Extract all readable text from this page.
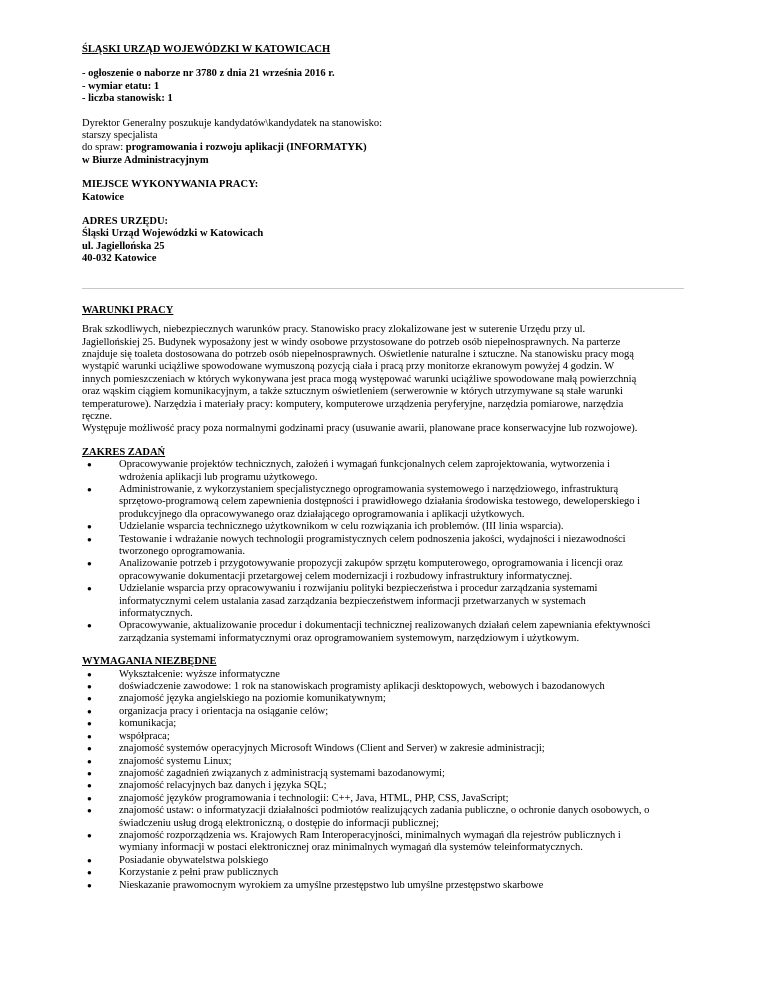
ŚLĄSKI URZĄD WOJEWÓDZKI W KATOWICACH
- ogłoszenie o naborze nr 3780 z dnia 21 września 2016 r.
- wymiar etatu: 1
- liczba stanowisk: 1
Dyrektor Generalny poszukuje kandydatów\kandydatek na stanowisko:
starszy specjalista
do spraw: programowania i rozwoju aplikacji (INFORMATYK)
w Biurze Administracyjnym
MIEJSCE WYKONYWANIA PRACY:
Katowice
ADRES URZĘDU:
Śląski Urząd Wojewódzki w Katowicach
ul. Jagiellońska 25
40-032 Katowice
WARUNKI PRACY
Brak szkodliwych, niebezpiecznych warunków pracy. Stanowisko pracy zlokalizowane jest w suterenie Urzędu przy ul.
Jagiellońskiej 25. Budynek wyposażony jest w windy osobowe przystosowane do potrzeb osób niepełnosprawnych. Na parterze
znajduje się toaleta dostosowana do potrzeb osób niepełnosprawnych. Oświetlenie naturalne i sztuczne. Na stanowisku pracy mogą
wystąpić warunki uciążliwe spowodowane wymuszoną pozycją ciała i pracą przy monitorze ekranowym powyżej 4 godzin. W
innych pomieszczeniach w których wykonywana jest praca mogą występować warunki uciążliwe spowodowane małą powierzchnią
oraz wąskim ciągiem komunikacyjnym, a także sztucznym oświetleniem (serwerownie w których utrzymywane są stałe warunki
temperaturowe). Narzędzia i materiały pracy: komputery, komputerowe urządzenia peryferyjne, narzędzia pomiarowe, narzędzia
ręczne.
Występuje możliwość pracy poza normalnymi godzinami pracy (usuwanie awarii, planowane prace konserwacyjne lub rozwojowe).
ZAKRES ZADAŃ
●	Opracowywanie projektów technicznych, założeń i wymagań funkcjonalnych celem zaprojektowania, wytworzenia i
wdrożenia aplikacji lub programu użytkowego.
●	Administrowanie, z wykorzystaniem specjalistycznego oprogramowania systemowego i narzędziowego, infrastrukturą
sprzętowo-programową celem zapewnienia dostępności i prawidłowego działania środowiska testowego, deweloperskiego i
produkcyjnego dla opracowywanego oraz działającego oprogramowania i aplikacji użytkowych.
●	Udzielanie wsparcia technicznego użytkownikom w celu rozwiązania ich problemów. (III linia wsparcia).
●	Testowanie i wdrażanie nowych technologii programistycznych celem podnoszenia jakości, wydajności i niezawodności
tworzonego oprogramowania.
●	Analizowanie potrzeb i przygotowywanie propozycji zakupów sprzętu komputerowego, oprogramowania i licencji oraz
opracowywanie dokumentacji przetargowej celem modernizacji i rozbudowy infrastruktury informatycznej.
●	Udzielanie wsparcia przy opracowywaniu i rozwijaniu polityki bezpieczeństwa i procedur zarządzania systemami
informatycznymi celem ustalania zasad zarządzania bezpieczeństwem informacji przetwarzanych w systemach
informatycznych.
●	Opracowywanie, aktualizowanie procedur i dokumentacji technicznej realizowanych działań celem zapewniania efektywności
zarządzania systemami informatycznymi oraz oprogramowaniem systemowym, narzędziowym i użytkowym.
WYMAGANIA NIEZBĘDNE
●	Wykształcenie: wyższe informatyczne
●	doświadczenie zawodowe: 1 rok na stanowiskach programisty aplikacji desktopowych, webowych i bazodanowych
●	znajomość języka angielskiego na poziomie komunikatywnym;
●	organizacja pracy i orientacja na osiąganie celów;
●	komunikacja;
●	współpraca;
●	znajomość systemów operacyjnych Microsoft Windows (Client and Server) w zakresie administracji;
●	znajomość systemu Linux;
●	znajomość zagadnień związanych z administracją systemami bazodanowymi;
●	znajomość relacyjnych baz danych i języka SQL;
●	znajomość języków programowania i technologii: C++, Java, HTML, PHP, CSS, JavaScript;
●	znajomość ustaw: o informatyzacji działalności podmiotów realizujących zadania publiczne, o ochronie danych osobowych, o
świadczeniu usług drogą elektroniczną, o dostępie do informacji publicznej;
●	znajomość rozporządzenia ws. Krajowych Ram Interoperacyjności, minimalnych wymagań dla rejestrów publicznych i
wymiany informacji w postaci elektronicznej oraz minimalnych wymagań dla systemów teleinformatycznych.
●	Posiadanie obywatelstwa polskiego
●	Korzystanie z pełni praw publicznych
●	Nieskazanie prawomocnym wyrokiem za umyślne przestępstwo lub umyślne przestępstwo skarbowe
